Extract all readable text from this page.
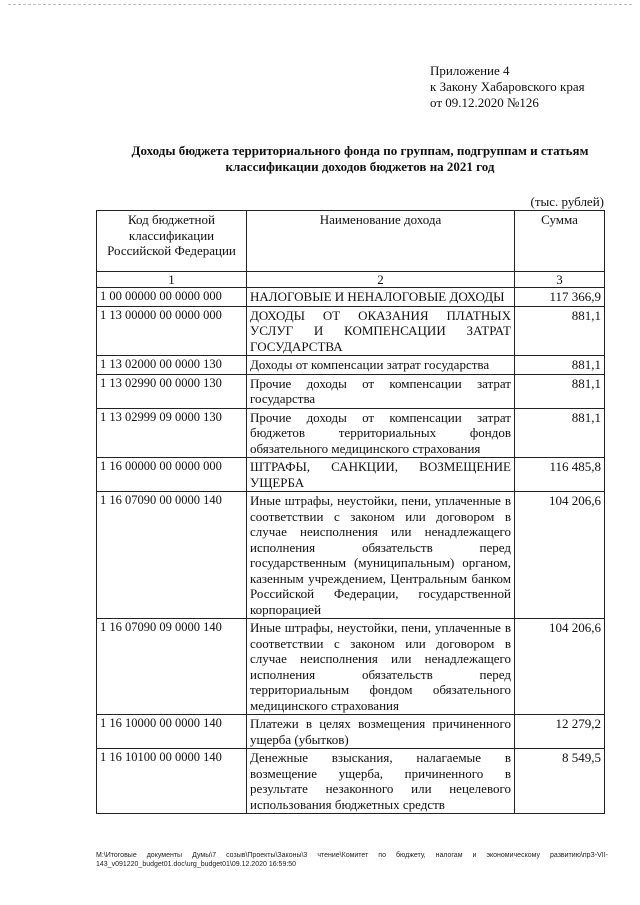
Приложение 4
к Закону Хабаровского края
от 09.12.2020 №126
Доходы бюджета территориального фонда по группам, подгруппам и статьям
классификации доходов бюджетов на 2021 год
(тыс. рублей)
Код бюджетной классификации Российской Федерации	Наименование дохода	Сумма
1	2	3
1 00 00000 00 0000 000	НАЛОГОВЫЕ И НЕНАЛОГОВЫЕ ДОХОДЫ	117 366,9
1 13 00000 00 0000 000	ДОХОДЫ ОТ ОКАЗАНИЯ ПЛАТНЫХ УСЛУГ И КОМПЕНСАЦИИ ЗАТРАТ ГОСУДАРСТВА	881,1
1 13 02000 00 0000 130	Доходы от компенсации затрат государства	881,1
1 13 02990 00 0000 130	Прочие доходы от компенсации затрат государства	881,1
1 13 02999 09 0000 130	Прочие доходы от компенсации затрат бюджетов территориальных фондов обязательного медицинского страхования	881,1
1 16 00000 00 0000 000	ШТРАФЫ, САНКЦИИ, ВОЗМЕЩЕНИЕ УЩЕРБА	116 485,8
1 16 07090 00 0000 140	Иные штрафы, неустойки, пени, уплаченные в соответствии с законом или договором в случае неисполнения или ненадлежащего исполнения обязательств перед государственным (муниципальным) органом, казенным учреждением, Центральным банком Российской Федерации, государственной корпорацией	104 206,6
1 16 07090 09 0000 140	Иные штрафы, неустойки, пени, уплаченные в соответствии с законом или договором в случае неисполнения или ненадлежащего исполнения обязательств перед территориальным фондом обязательного медицинского страхования	104 206,6
1 16 10000 00 0000 140	Платежи в целях возмещения причиненного ущерба (убытков)	12 279,2
1 16 10100 00 0000 140	Денежные взыскания, налагаемые в возмещение ущерба, причиненного в результате незаконного или нецелевого использования бюджетных средств	8 549,5
М:\Итоговые документы Думы\7 созыв\Проекты\Законы\3 чтение\Комитет по бюджету, налогам и экономическому развитию\прЗ-VII-143_v091220_budget01.doc\urg_budget01\09.12.2020 16:59:50
